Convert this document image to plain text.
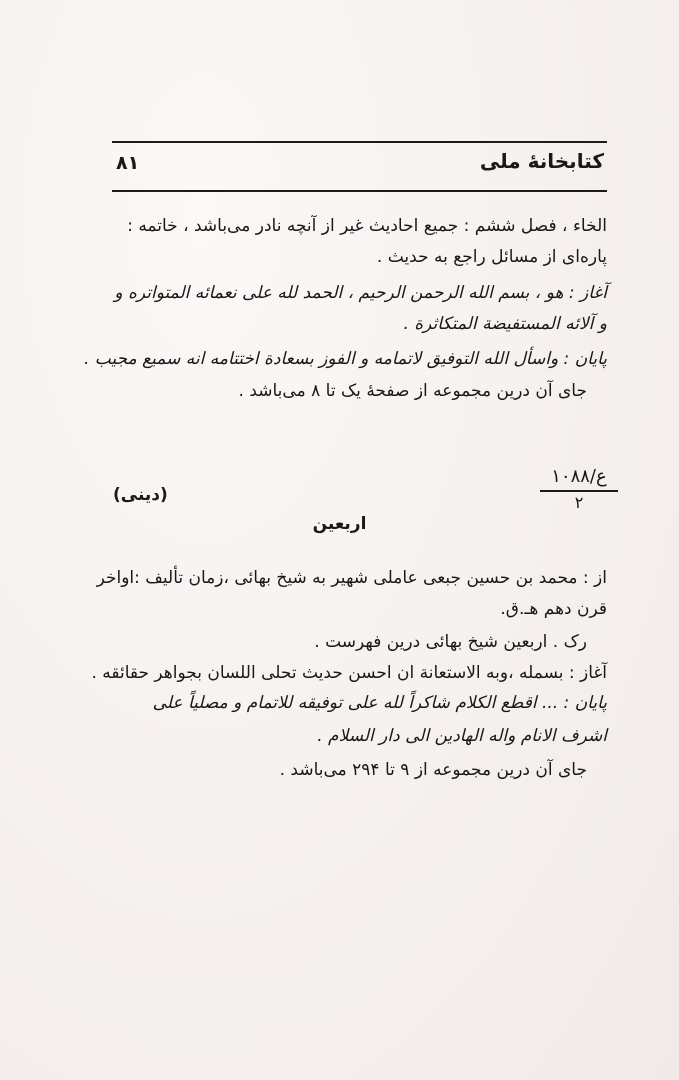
کتابخانهٔ ملی
۸۱
الخاء ، فصل ششم : جمیع احادیث غیر از آنچه نادر می‌باشد ، خاتمه :
پاره‌ای از مسائل راجع به حدیث .
آغاز : هو ، بسم الله الرحمن الرحیم ، الحمد لله علی نعمائه المتواتره و
و آلائه المستفیضة المتکاثرة .
پایان : واسأل الله التوفیق لاتمامه و الفوز بسعادة اختتامه انه سمیع مجیب .
جای آن درین مجموعه از صفحهٔ یک تا ۸ می‌باشد .
ع/۱۰۸۸
۲
(دینی)
اربعین
از : محمد بن حسین جبعی عاملی شهیر به شیخ بهائی ،زمان تألیف :اواخر
قرن دهم هـ.ق.
رک . اربعین شیخ بهائی درین فهرست .
آغاز : بسمله ،وبه الاستعانة ان احسن حدیث تحلی اللسان بجواهر حقائقه .
پایان : ... اقطع الکلام شاکراً لله علی توفیقه للاتمام و مصلیاً علی
اشرف الانام واله الهادین الی دار السلام .
جای آن درین مجموعه از ۹ تا ۲۹۴ می‌باشد .
